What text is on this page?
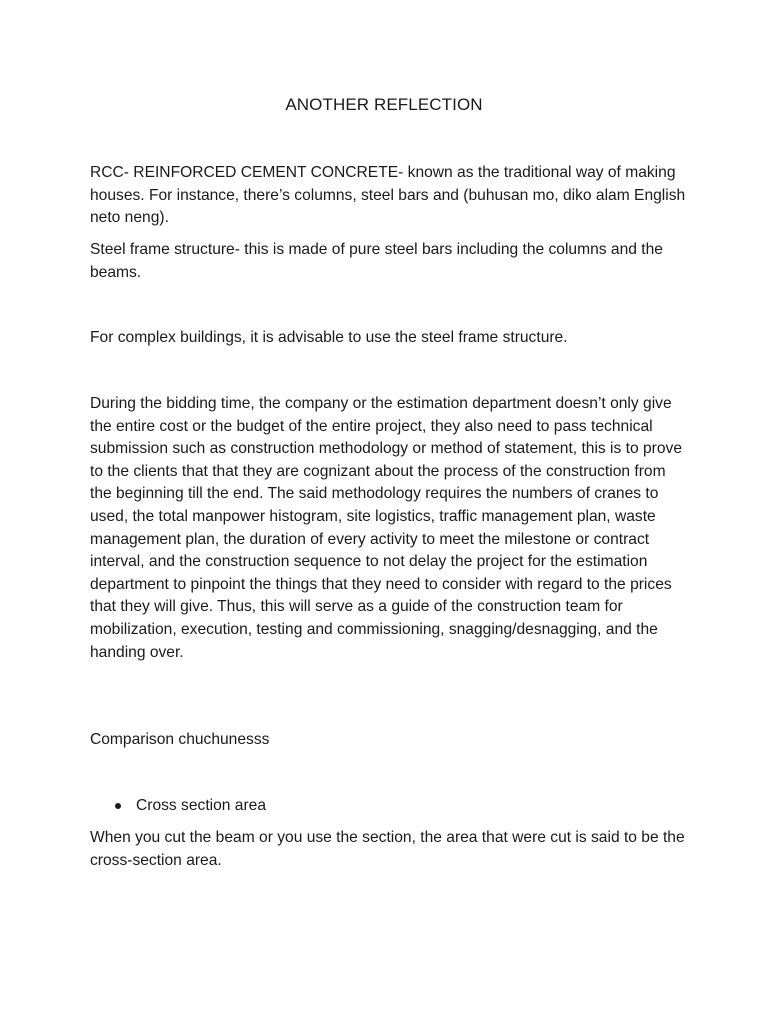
ANOTHER REFLECTION

RCC- REINFORCED CEMENT CONCRETE- known as the traditional way of making houses. For instance, there’s columns, steel bars and (buhusan mo, diko alam English neto neng).

Steel frame structure- this is made of pure steel bars including the columns and the beams.

For complex buildings, it is advisable to use the steel frame structure.

During the bidding time, the company or the estimation department doesn’t only give the entire cost or the budget of the entire project, they also need to pass technical submission such as construction methodology or method of statement, this is to prove to the clients that that they are cognizant about the process of the construction from the beginning till the end. The said methodology requires the numbers of cranes to used, the total manpower histogram, site logistics, traffic management plan, waste management plan, the duration of every activity to meet the milestone or contract interval, and the construction sequence to not delay the project for the estimation department to pinpoint the things that they need to consider with regard to the prices that they will give. Thus, this will serve as a guide of the construction team for mobilization, execution, testing and commissioning, snagging/desnagging, and the handing over.

Comparison chuchunesss

Cross section area

When you cut the beam or you use the section, the area that were cut is said to be the cross-section area.
